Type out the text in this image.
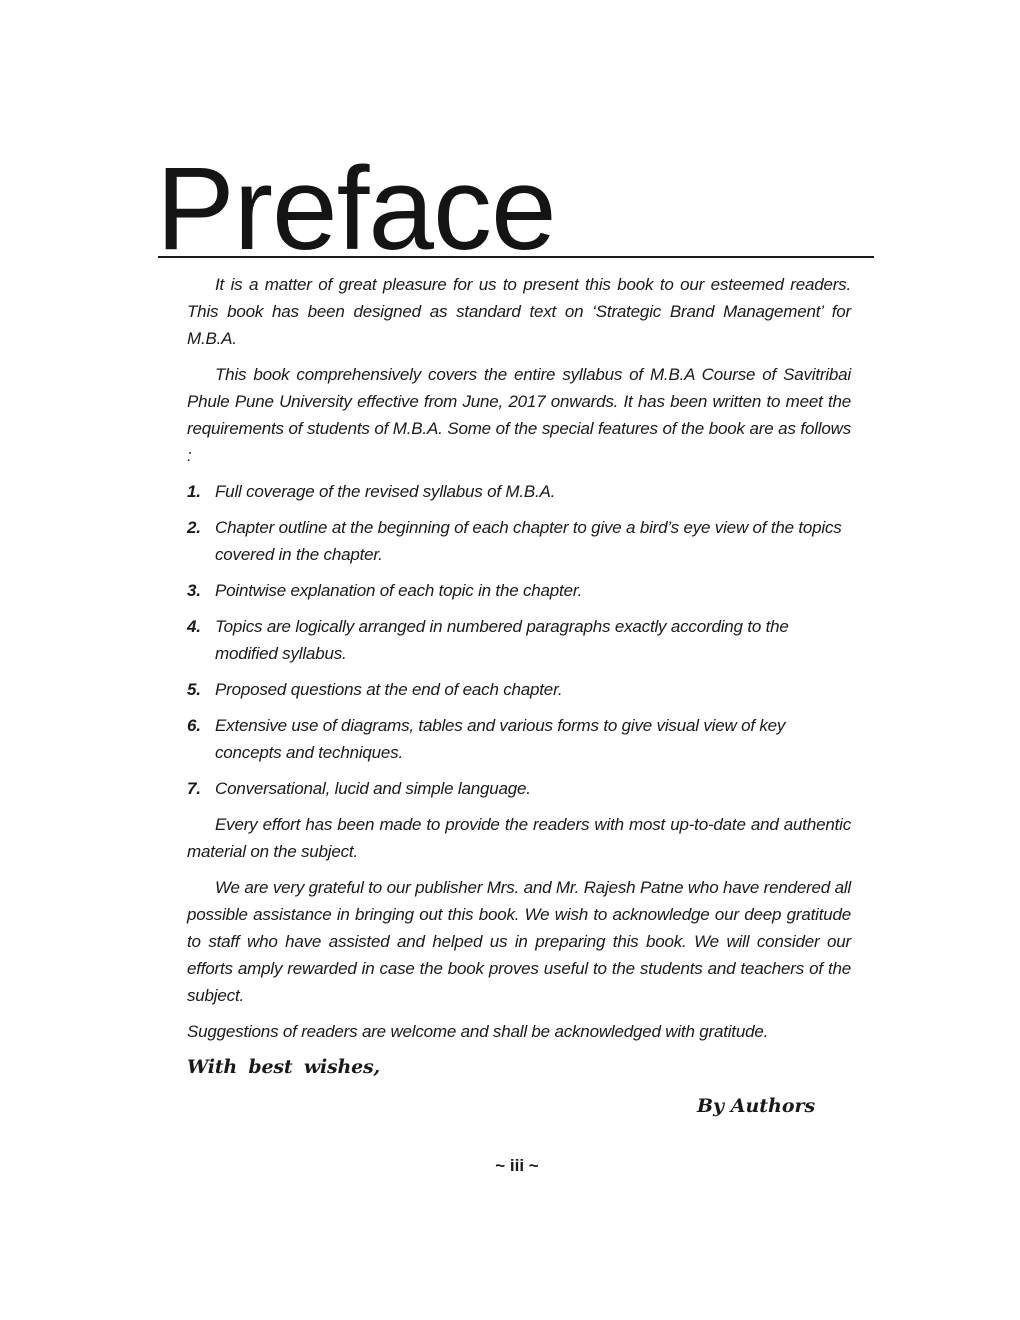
Preface

It is a matter of great pleasure for us to present this book to our esteemed readers. This book has been designed as standard text on ‘Strategic Brand Management’ for M.B.A.

This book comprehensively covers the entire syllabus of M.B.A Course of Savitribai Phule Pune University effective from June, 2017 onwards. It has been written to meet the requirements of students of M.B.A. Some of the special features of the book are as follows :

1. Full coverage of the revised syllabus of M.B.A.
2. Chapter outline at the beginning of each chapter to give a bird’s eye view of the topics covered in the chapter.
3. Pointwise explanation of each topic in the chapter.
4. Topics are logically arranged in numbered paragraphs exactly according to the modified syllabus.
5. Proposed questions at the end of each chapter.
6. Extensive use of diagrams, tables and various forms to give visual view of key concepts and techniques.
7. Conversational, lucid and simple language.

Every effort has been made to provide the readers with most up-to-date and authentic material on the subject.

We are very grateful to our publisher Mrs. and Mr. Rajesh Patne who have rendered all possible assistance in bringing out this book. We wish to acknowledge our deep gratitude to staff who have assisted and helped us in preparing this book. We will consider our efforts amply rewarded in case the book proves useful to the students and teachers of the subject.

Suggestions of readers are welcome and shall be acknowledged with gratitude.

With best wishes,

By Authors
~ iii ~
